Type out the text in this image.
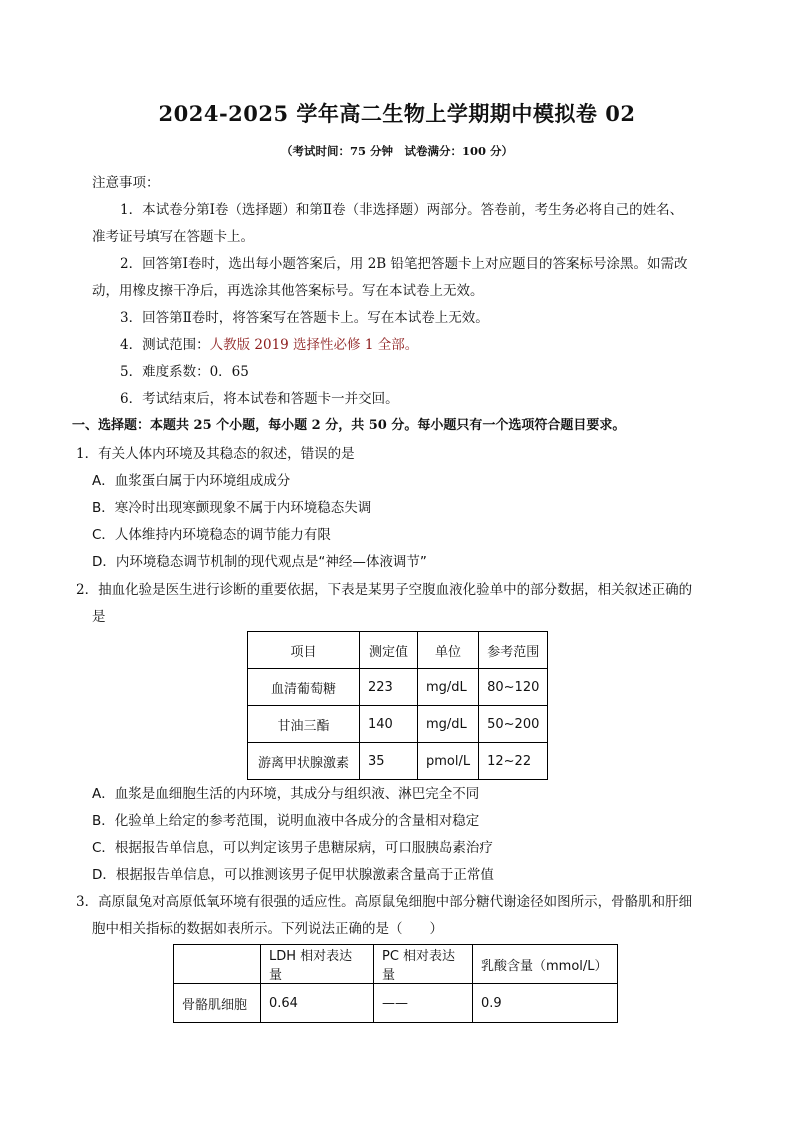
2024-2025 学年高二生物上学期期中模拟卷 02
（考试时间：75 分钟　试卷满分：100 分）
注意事项：
1．本试卷分第Ⅰ卷（选择题）和第Ⅱ卷（非选择题）两部分。答卷前，考生务必将自己的姓名、
准考证号填写在答题卡上。
2．回答第Ⅰ卷时，选出每小题答案后，用 2B 铅笔把答题卡上对应题目的答案标号涂黑。如需改
动，用橡皮擦干净后，再选涂其他答案标号。写在本试卷上无效。
3．回答第Ⅱ卷时，将答案写在答题卡上。写在本试卷上无效。
4．测试范围：人教版 2019 选择性必修 1 全部。
5．难度系数：0．65
6．考试结束后，将本试卷和答题卡一并交回。
一、选择题：本题共 25 个小题，每小题 2 分，共 50 分。每小题只有一个选项符合题目要求。
1．有关人体内环境及其稳态的叙述，错误的是
A．血浆蛋白属于内环境组成成分
B．寒冷时出现寒颤现象不属于内环境稳态失调
C．人体维持内环境稳态的调节能力有限
D．内环境稳态调节机制的现代观点是“神经—体液调节”
2．抽血化验是医生进行诊断的重要依据，下表是某男子空腹血液化验单中的部分数据，相关叙述正确的
是
项目	测定值	单位	参考范围
血清葡萄糖	223	mg/dL	80~120
甘油三酯	140	mg/dL	50~200
游离甲状腺激素	35	pmol/L	12~22
A．血浆是血细胞生活的内环境，其成分与组织液、淋巴完全不同
B．化验单上给定的参考范围，说明血液中各成分的含量相对稳定
C．根据报告单信息，可以判定该男子患糖尿病，可口服胰岛素治疗
D．根据报告单信息，可以推测该男子促甲状腺激素含量高于正常值
3．高原鼠兔对高原低氧环境有很强的适应性。高原鼠兔细胞中部分糖代谢途径如图所示，骨骼肌和肝细
胞中相关指标的数据如表所示。下列说法正确的是（　　）
	LDH 相对表达量	PC 相对表达量	乳酸含量（mmol/L）
骨骼肌细胞	0.64	——	0.9
